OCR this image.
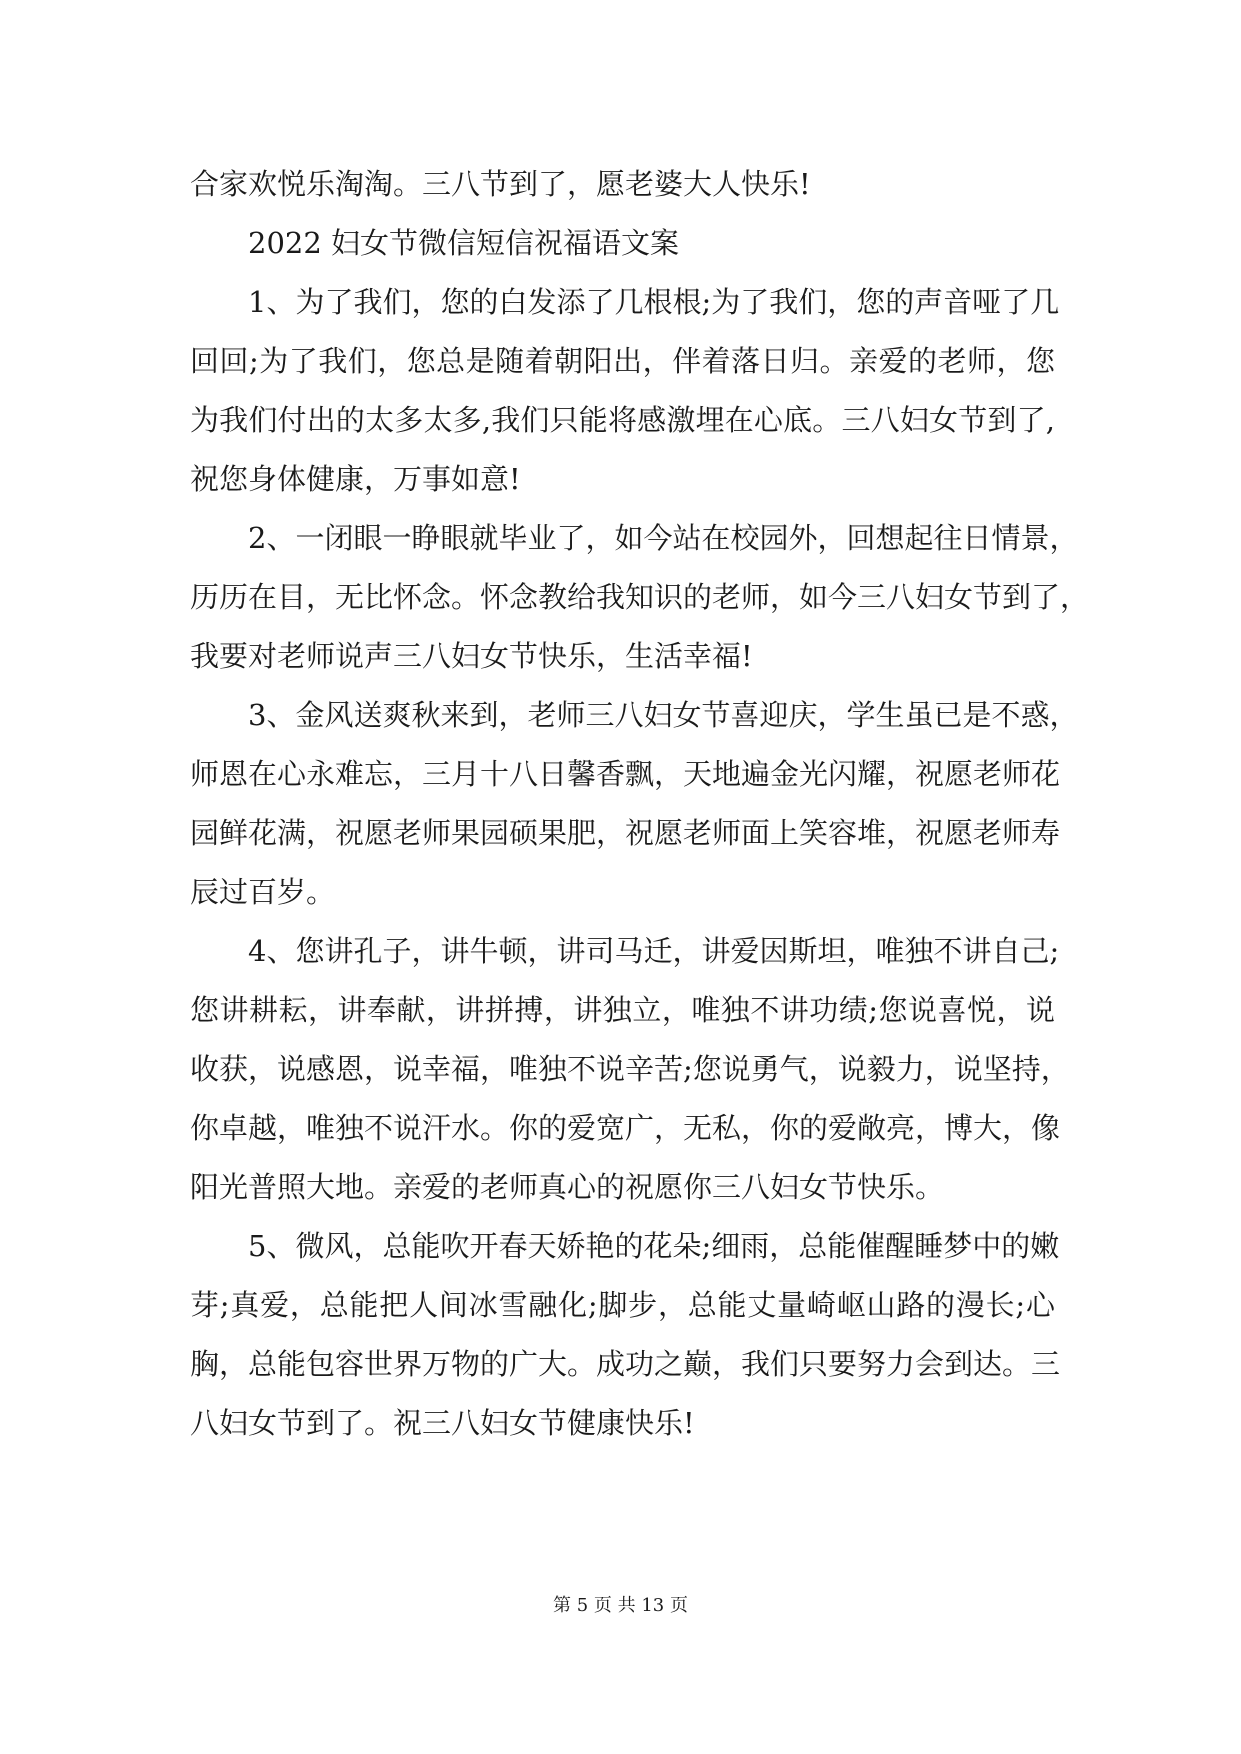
合家欢悦乐淘淘。三八节到了，愿老婆大人快乐!
2022 妇女节微信短信祝福语文案
1、为了我们，您的白发添了几根根;为了我们，您的声音哑了几
回回;为了我们，您总是随着朝阳出，伴着落日归。亲爱的老师，您
为我们付出的太多太多,我们只能将感激埋在心底。三八妇女节到了,
祝您身体健康，万事如意!
2、一闭眼一睁眼就毕业了，如今站在校园外，回想起往日情景，
历历在目，无比怀念。怀念教给我知识的老师，如今三八妇女节到了，
我要对老师说声三八妇女节快乐，生活幸福!
3、金风送爽秋来到，老师三八妇女节喜迎庆，学生虽已是不惑，
师恩在心永难忘，三月十八日馨香飘，天地遍金光闪耀，祝愿老师花
园鲜花满，祝愿老师果园硕果肥，祝愿老师面上笑容堆，祝愿老师寿
辰过百岁。
4、您讲孔子，讲牛顿，讲司马迁，讲爱因斯坦，唯独不讲自己;
您讲耕耘，讲奉献，讲拼搏，讲独立，唯独不讲功绩;您说喜悦，说
收获，说感恩，说幸福，唯独不说辛苦;您说勇气，说毅力，说坚持，
你卓越，唯独不说汗水。你的爱宽广，无私，你的爱敞亮，博大，像
阳光普照大地。亲爱的老师真心的祝愿你三八妇女节快乐。
5、微风，总能吹开春天娇艳的花朵;细雨，总能催醒睡梦中的嫩
芽;真爱，总能把人间冰雪融化;脚步，总能丈量崎岖山路的漫长;心
胸，总能包容世界万物的广大。成功之巅，我们只要努力会到达。三
八妇女节到了。祝三八妇女节健康快乐!
第 5 页 共 13 页
